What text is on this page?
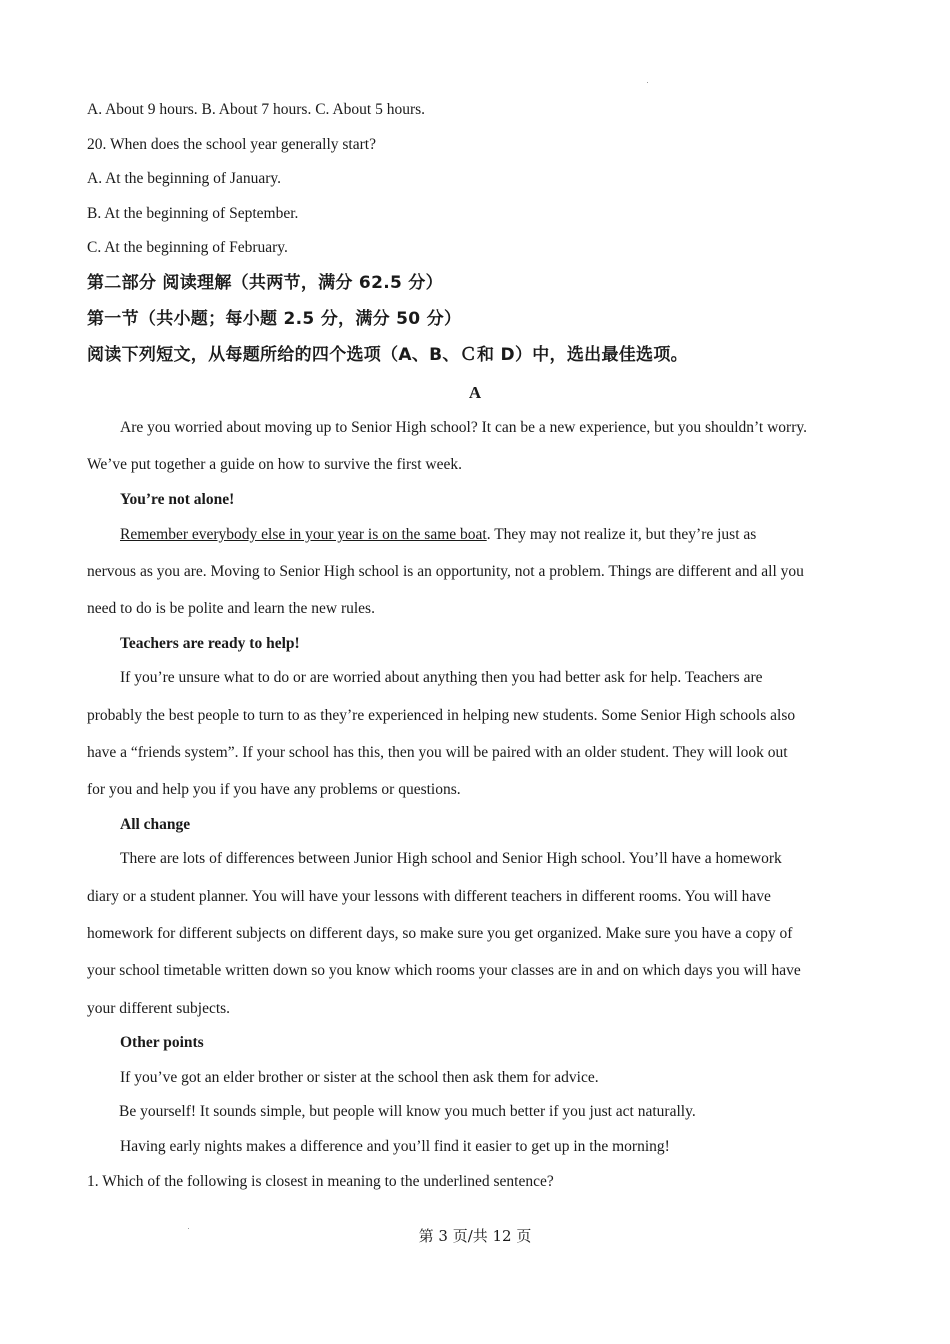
A. About 9 hours. B. About 7 hours. C. About 5 hours.
20. When does the school year generally start?
A. At the beginning of January.
B. At the beginning of September.
C. At the beginning of February.
第二部分 阅读理解（共两节，满分 62.5 分）
第一节（共小题；每小题 2.5 分，满分 50 分）
阅读下列短文，从每题所给的四个选项（A、B、Ｃ和 D）中，选出最佳选项。
A
Are you worried about moving up to Senior High school? It can be a new experience, but you shouldn’t worry.
We’ve put together a guide on how to survive the first week.
You’re not alone!
Remember everybody else in your year is on the same boat. They may not realize it, but they’re just as
nervous as you are. Moving to Senior High school is an opportunity, not a problem. Things are different and all you
need to do is be polite and learn the new rules.
Teachers are ready to help!
If you’re unsure what to do or are worried about anything then you had better ask for help. Teachers are
probably the best people to turn to as they’re experienced in helping new students. Some Senior High schools also
have a “friends system”. If your school has this, then you will be paired with an older student. They will look out
for you and help you if you have any problems or questions.
All change
There are lots of differences between Junior High school and Senior High school. You’ll have a homework
diary or a student planner. You will have your lessons with different teachers in different rooms. You will have
homework for different subjects on different days, so make sure you get organized. Make sure you have a copy of
your school timetable written down so you know which rooms your classes are in and on which days you will have
your different subjects.
Other points
If you’ve got an elder brother or sister at the school then ask them for advice.
Be yourself! It sounds simple, but people will know you much better if you just act naturally.
Having early nights makes a difference and you’ll find it easier to get up in the morning!
1. Which of the following is closest in meaning to the underlined sentence?
第 3 页/共 12 页
